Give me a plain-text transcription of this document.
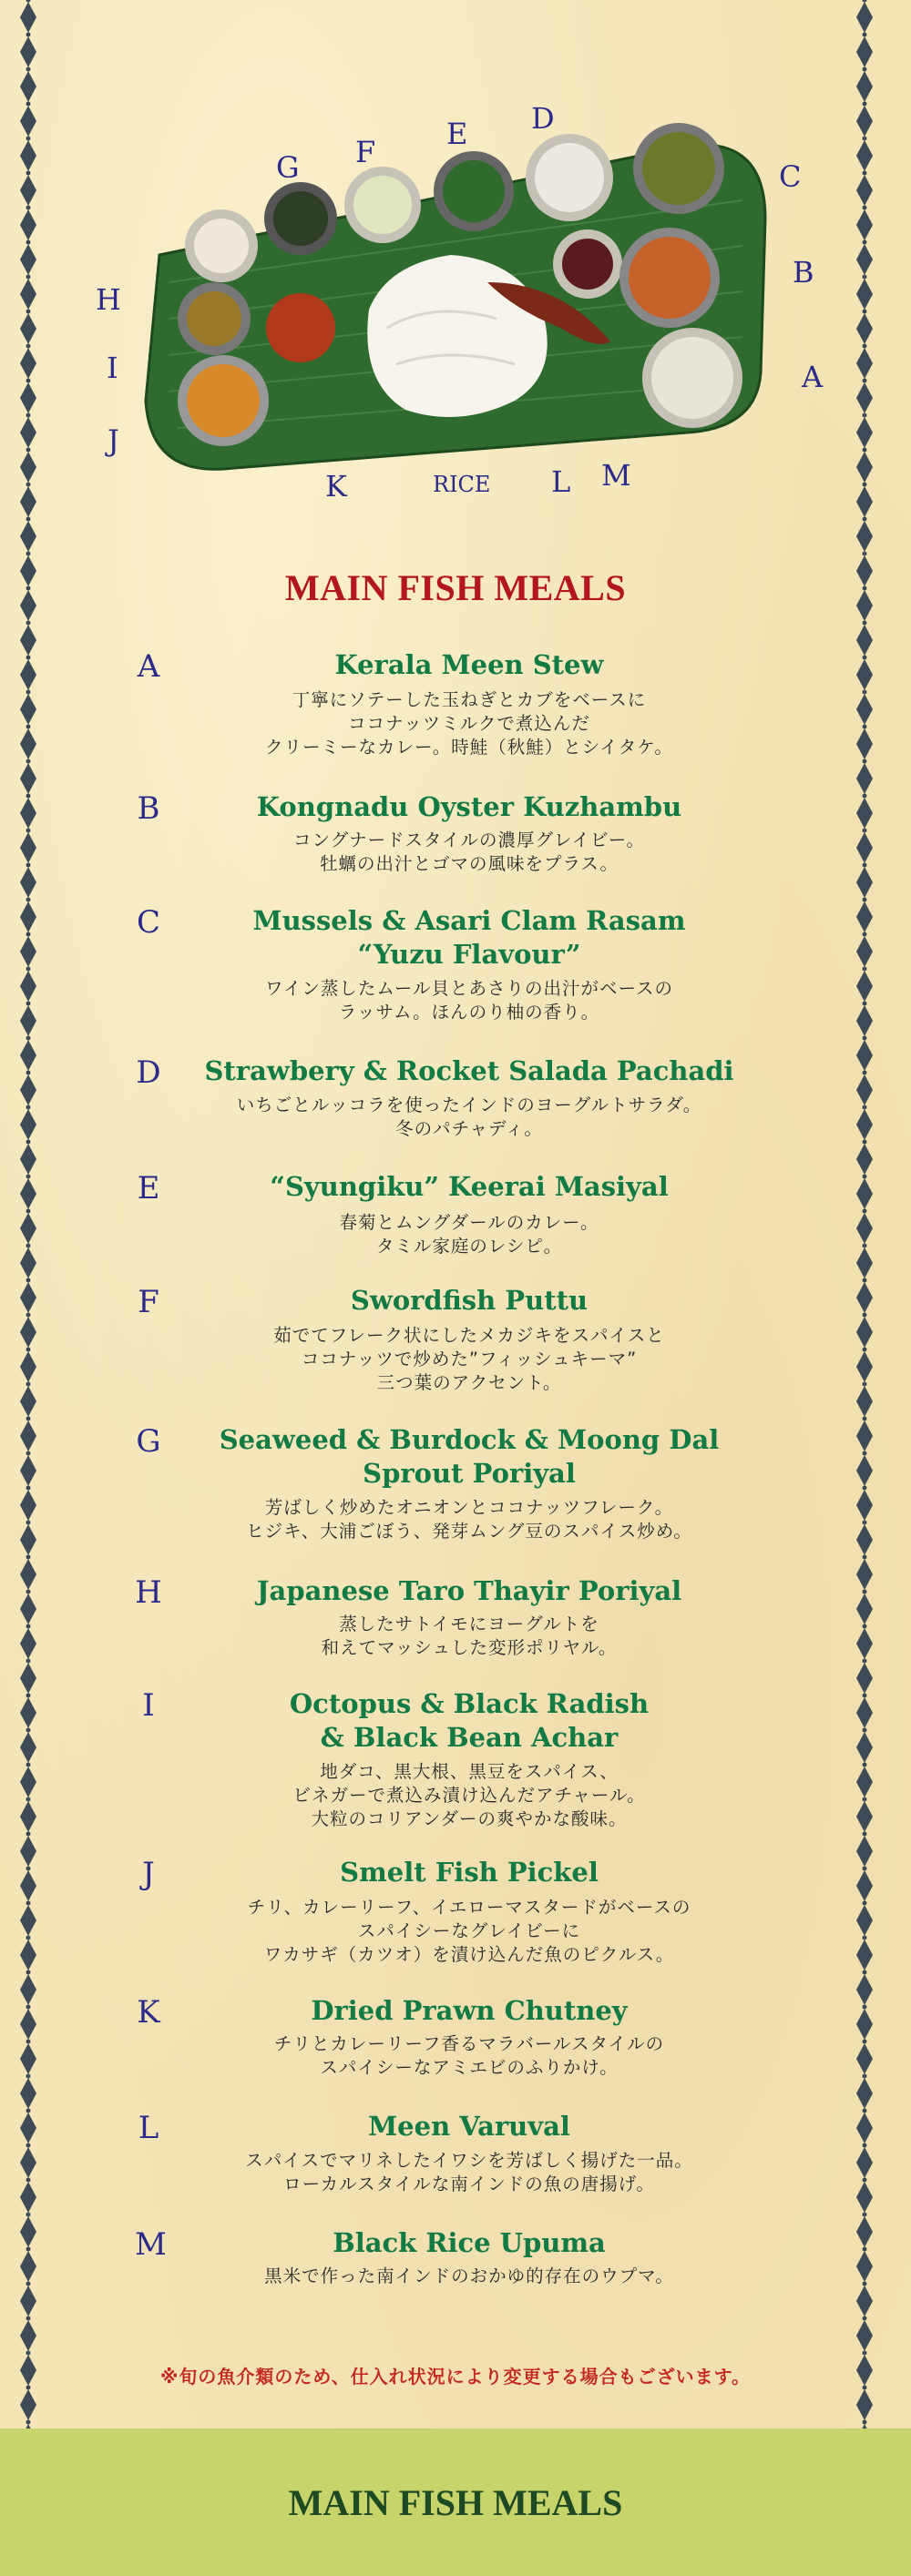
A
B
C
D
E
F
G
H
I
J
K	RICE L M
MAIN FISH MEALS
A	Kerala Meen Stew
丁寧にソテーした玉ねぎとカブをベースに
ココナッツミルクで煮込んだ
クリーミーなカレー。時鮭（秋鮭）とシイタケ。
B	Kongnadu Oyster Kuzhambu
コングナードスタイルの濃厚グレイビー。
牡蠣の出汁とゴマの風味をプラス。
C	Mussels & Asari Clam Rasam
“Yuzu Flavour”
ワイン蒸したムール貝とあさりの出汁がベースの
ラッサム。ほんのり柚の香り。
D	Strawbery & Rocket Salada Pachadi
いちごとルッコラを使ったインドのヨーグルトサラダ。
冬のパチャディ。
E	“Syungiku” Keerai Masiyal
春菊とムングダールのカレー。
タミル家庭のレシピ。
F	Swordfish Puttu
茹でてフレーク状にしたメカジキをスパイスと
ココナッツで炒めた”フィッシュキーマ”
三つ葉のアクセント。
G	Seaweed & Burdock & Moong Dal
Sprout Poriyal
芳ばしく炒めたオニオンとココナッツフレーク。
ヒジキ、大浦ごぼう、発芽ムング豆のスパイス炒め。
H	Japanese Taro Thayir Poriyal
蒸したサトイモにヨーグルトを
和えてマッシュした変形ポリヤル。
I	Octopus & Black Radish
& Black Bean Achar
地ダコ、黒大根、黒豆をスパイス、
ビネガーで煮込み漬け込んだアチャール。
大粒のコリアンダーの爽やかな酸味。
J	Smelt Fish Pickel
チリ、カレーリーフ、イエローマスタードがベースの
スパイシーなグレイビーに
ワカサギ（カツオ）を漬け込んだ魚のピクルス。
K	Dried Prawn Chutney
チリとカレーリーフ香るマラバールスタイルの
スパイシーなアミエビのふりかけ。
L	Meen Varuval
スパイスでマリネしたイワシを芳ばしく揚げた一品。
ローカルスタイルな南インドの魚の唐揚げ。
M	Black Rice Upuma
黒米で作った南インドのおかゆ的存在のウプマ。
※旬の魚介類のため、仕入れ状況により変更する場合もございます。
MAIN FISH MEALS
